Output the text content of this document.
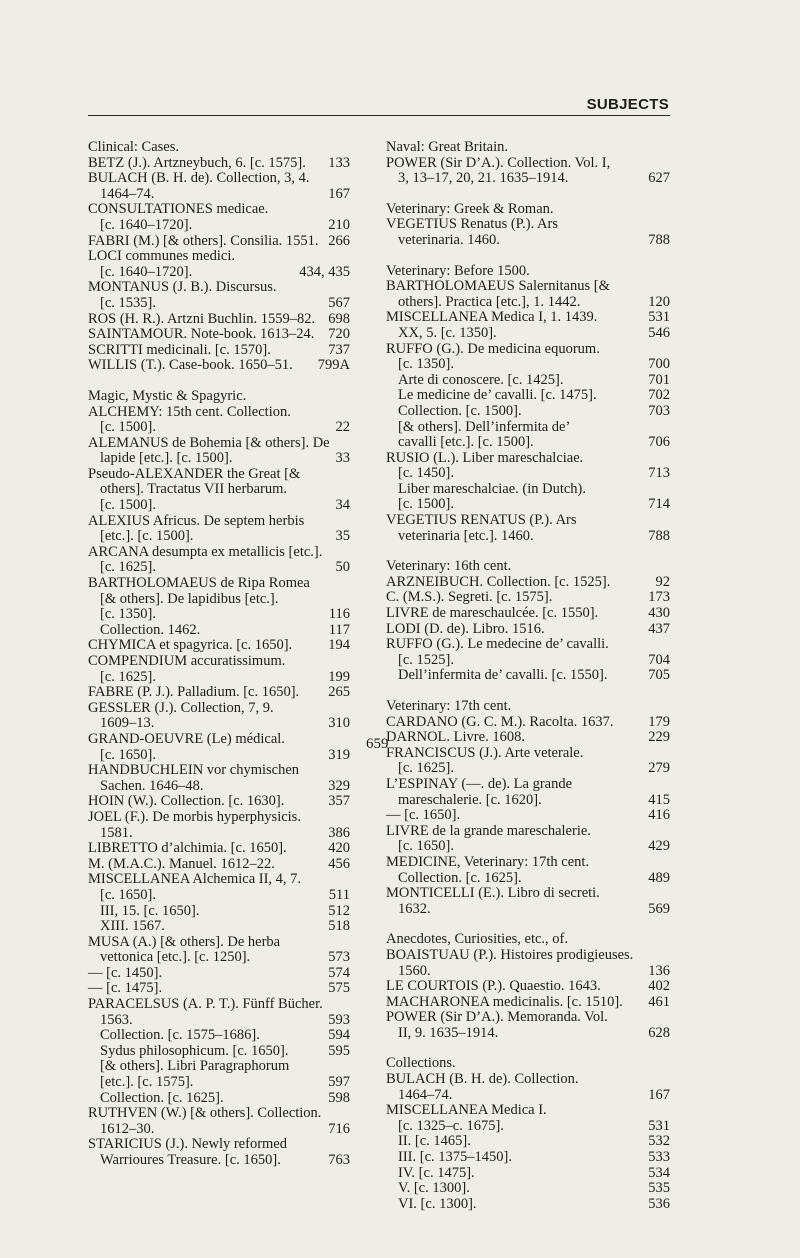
SUBJECTS
Clinical: Cases.
BETZ (J.). Artzneybuch, 6. [c. 1575]. 133
BULACH (B. H. de). Collection, 3, 4.
1464–74.	167
CONSULTATIONES medicae.
[c. 1640–1720].	210
FABRI (M.) [& others]. Consilia. 1551. 266
LOCI communes medici.
[c. 1640–1720].	434, 435
MONTANUS (J. B.). Discursus.
[c. 1535].	567
ROS (H. R.). Artzni Buchlin. 1559–82. 698
SAINTAMOUR. Note-book. 1613–24. 720
SCRITTI medicinali. [c. 1570].	737
WILLIS (T.). Case-book. 1650–51.	799A
Magic, Mystic & Spagyric.
ALCHEMY: 15th cent. Collection.
[c. 1500].	22
ALEMANUS de Bohemia [& others]. De
lapide [etc.]. [c. 1500].	33
Pseudo-ALEXANDER the Great [&
others]. Tractatus VII herbarum.
[c. 1500].	34
ALEXIUS Africus. De septem herbis
[etc.]. [c. 1500].	35
ARCANA desumpta ex metallicis [etc.].
[c. 1625].	50
BARTHOLOMAEUS de Ripa Romea
[& others]. De lapidibus [etc.].
[c. 1350].	116
Collection. 1462.	117
CHYMICA et spagyrica. [c. 1650].	194
COMPENDIUM accuratissimum.
[c. 1625].	199
FABRE (P. J.). Palladium. [c. 1650].	265
GESSLER (J.). Collection, 7, 9.
1609–13.	310
GRAND-OEUVRE (Le) médical.
[c. 1650].	319
HANDBUCHLEIN vor chymischen
Sachen. 1646–48.	329
HOIN (W.). Collection. [c. 1630].	357
JOEL (F.). De morbis hyperphysicis.
1581.	386
LIBRETTO d’alchimia. [c. 1650].	420
M. (M.A.C.). Manuel. 1612–22.	456
MISCELLANEA Alchemica II, 4, 7.
[c. 1650].	511
III, 15. [c. 1650].	512
XIII. 1567.	518
MUSA (A.) [& others]. De herba
vettonica [etc.]. [c. 1250].	573
— [c. 1450].	574
— [c. 1475].	575
PARACELSUS (A. P. T.). Fünff Bücher.
1563.	593
Collection. [c. 1575–1686].	594
Sydus philosophicum. [c. 1650].	595
[& others]. Libri Paragraphorum
[etc.]. [c. 1575].	597
Collection. [c. 1625].	598
RUTHVEN (W.) [& others]. Collection.
1612–30.	716
STARICIUS (J.). Newly reformed
Warrioures Treasure. [c. 1650].	763
Naval: Great Britain.
POWER (Sir D’A.). Collection. Vol. I,
3, 13–17, 20, 21. 1635–1914.	627
Veterinary: Greek & Roman.
VEGETIUS Renatus (P.). Ars
veterinaria. 1460.	788
Veterinary: Before 1500.
BARTHOLOMAEUS Salernitanus [&
others]. Practica [etc.], 1. 1442.	120
MISCELLANEA Medica I, 1. 1439.	531
XX, 5. [c. 1350].	546
RUFFO (G.). De medicina equorum.
[c. 1350].	700
Arte di conoscere. [c. 1425].	701
Le medicine de’ cavalli. [c. 1475].	702
Collection. [c. 1500].	703
[& others]. Dell’infermita de’
cavalli [etc.]. [c. 1500].	706
RUSIO (L.). Liber mareschalciae.
[c. 1450].	713
Liber mareschalciae. (in Dutch).
[c. 1500].	714
VEGETIUS RENATUS (P.). Ars
veterinaria [etc.]. 1460.	788
Veterinary: 16th cent.
ARZNEIBUCH. Collection. [c. 1525].	92
C. (M.S.). Segreti. [c. 1575].	173
LIVRE de mareschaulcée. [c. 1550].	430
LODI (D. de). Libro. 1516.	437
RUFFO (G.). Le medecine de’ cavalli.
[c. 1525].	704
Dell’infermita de’ cavalli. [c. 1550].	705
Veterinary: 17th cent.
CARDANO (G. C. M.). Racolta. 1637.	179
DARNOL. Livre. 1608.	229
FRANCISCUS (J.). Arte veterale.
[c. 1625].	279
L’ESPINAY (—. de). La grande
mareschalerie. [c. 1620].	415
— [c. 1650].	416
LIVRE de la grande mareschalerie.
[c. 1650].	429
MEDICINE, Veterinary: 17th cent.
Collection. [c. 1625].	489
MONTICELLI (E.). Libro di secreti.
1632.	569
Anecdotes, Curiosities, etc., of.
BOAISTUAU (P.). Histoires prodigieuses.
1560.	136
LE COURTOIS (P.). Quaestio. 1643.	402
MACHARONEA medicinalis. [c. 1510].	461
POWER (Sir D’A.). Memoranda. Vol.
II, 9. 1635–1914.	628
Collections.
BULACH (B. H. de). Collection.
1464–74.	167
MISCELLANEA Medica I.
[c. 1325–c. 1675].	531
II. [c. 1465].	532
III. [c. 1375–1450].	533
IV. [c. 1475].	534
V. [c. 1300].	535
VI. [c. 1300].	536
659
